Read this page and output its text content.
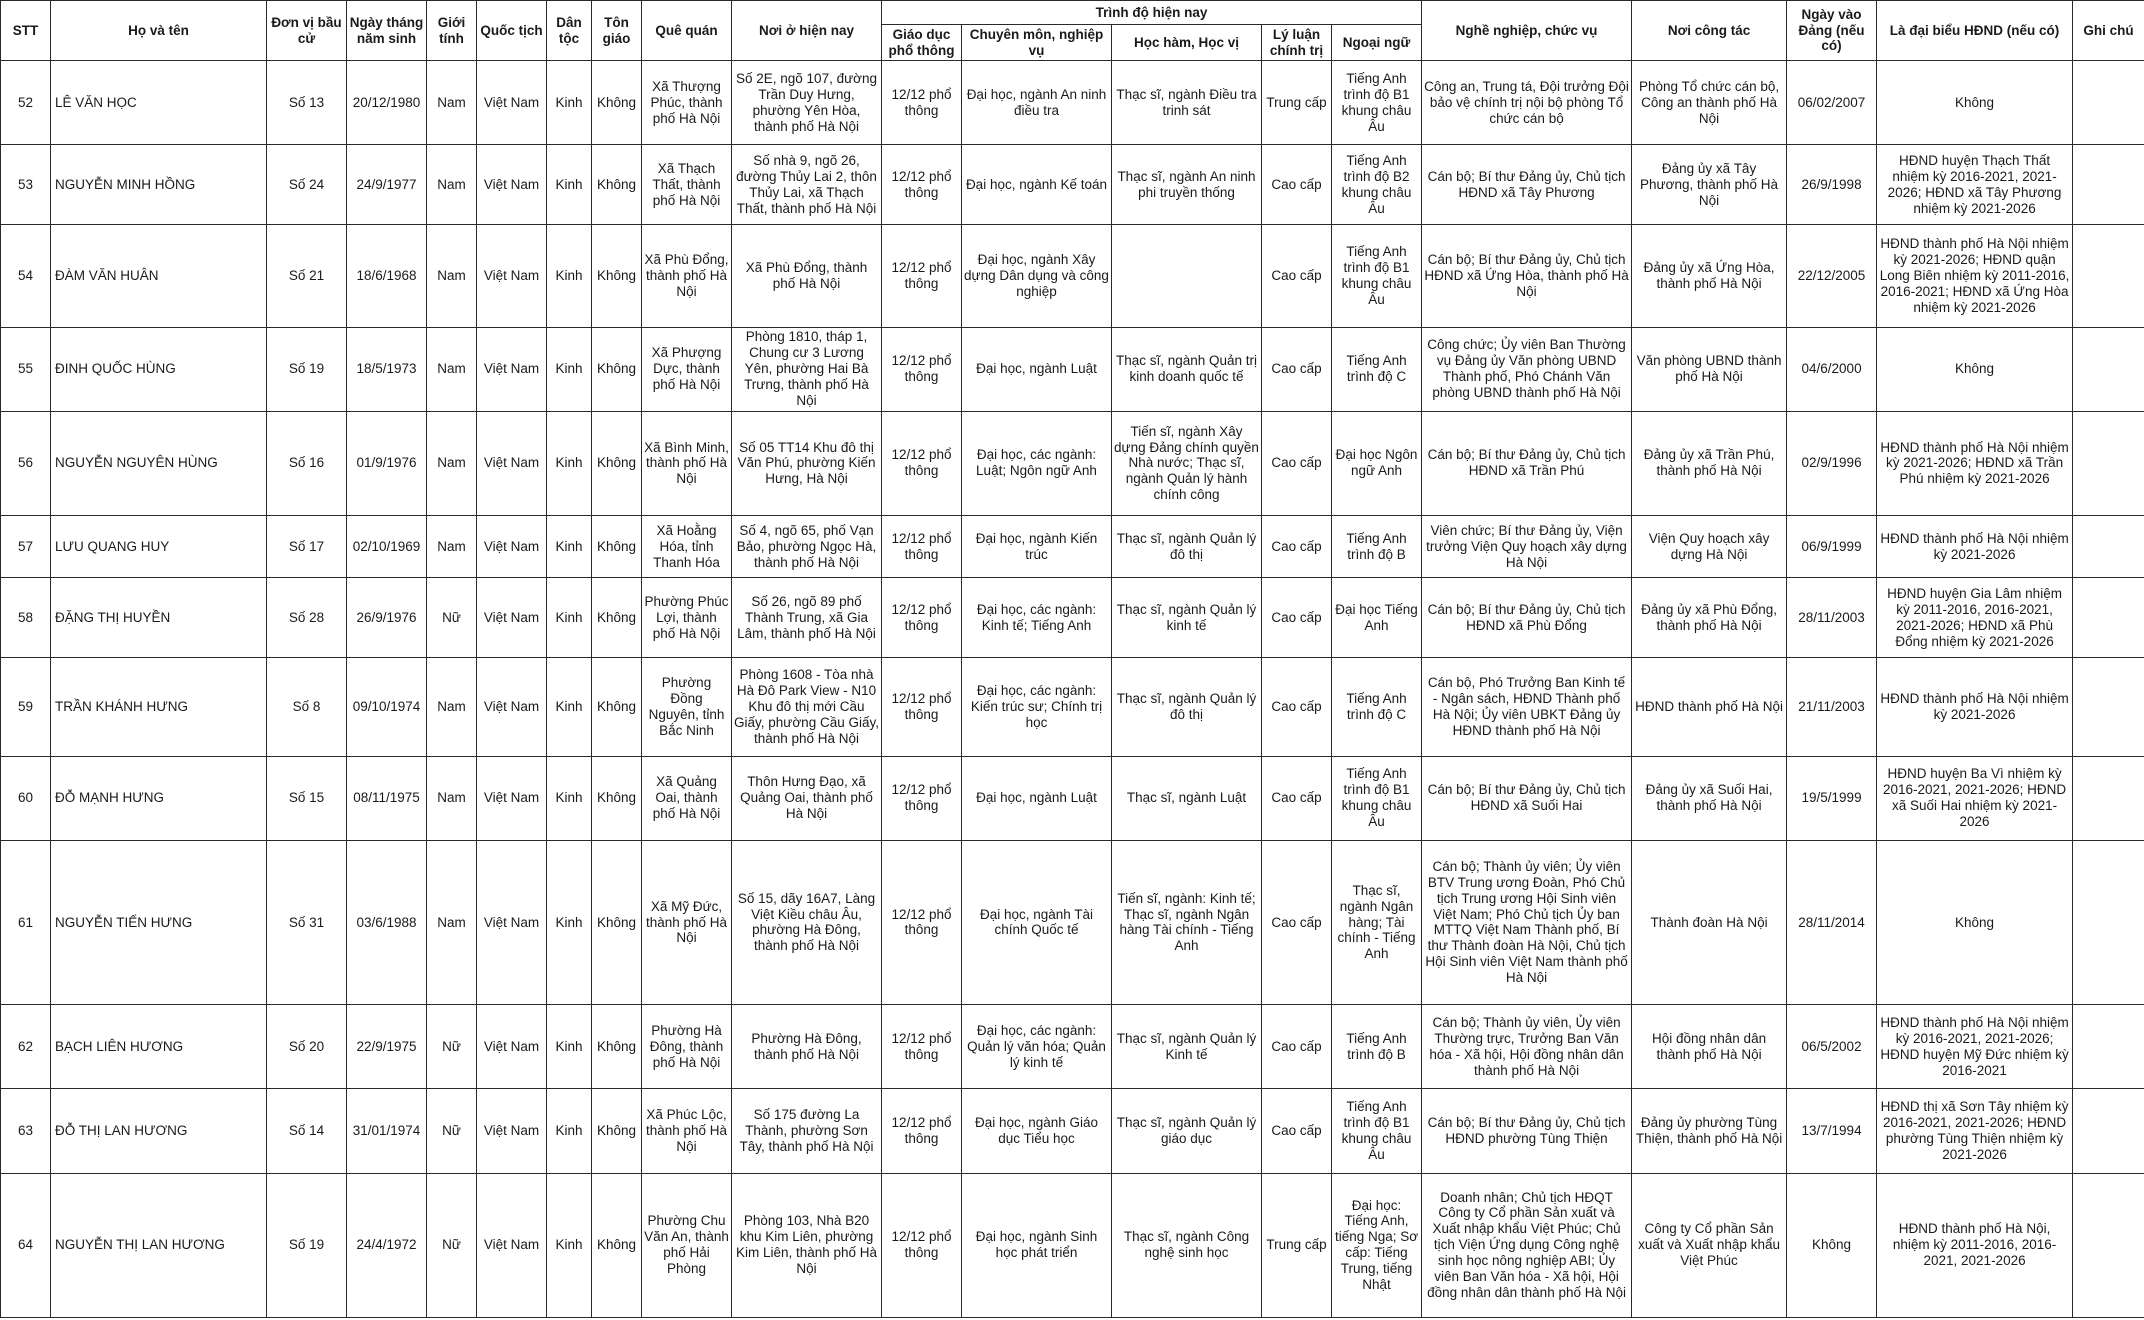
STT	Họ và tên	Đơn vị bầu cử	Ngày tháng năm sinh	Giới tính	Quốc tịch	Dân tộc	Tôn giáo	Quê quán	Nơi ở hiện nay	Trình độ hiện nay					Nghề nghiệp, chức vụ	Nơi công tác	Ngày vào Đảng (nếu có)	Là đại biểu HĐND (nếu có)	Ghi chú
										Giáo dục phổ thông	Chuyên môn, nghiệp vụ	Học hàm, Học vị	Lý luận chính trị	Ngoại ngữ					
52	LÊ VĂN HỌC	Số 13	20/12/1980	Nam	Việt Nam	Kinh	Không	Xã Thượng Phúc, thành phố Hà Nội	Số 2E, ngõ 107, đường Trần Duy Hưng, phường Yên Hòa, thành phố Hà Nội	12/12 phổ thông	Đại học, ngành An ninh điều tra	Thạc sĩ, ngành Điều tra trinh sát	Trung cấp	Tiếng Anh trình độ B1 khung châu Âu	Công an, Trung tá, Đội trưởng Đội bảo vệ chính trị nội bộ phòng Tổ chức cán bộ	Phòng Tổ chức cán bộ, Công an thành phố Hà Nội	06/02/2007	Không	
53	NGUYỄN MINH HỒNG	Số 24	24/9/1977	Nam	Việt Nam	Kinh	Không	Xã Thạch Thất, thành phố Hà Nội	Số nhà 9, ngõ 26, đường Thủy Lai 2, thôn Thủy Lai, xã Thạch Thất, thành phố Hà Nội	12/12 phổ thông	Đại học, ngành Kế toán	Thạc sĩ, ngành An ninh phi truyền thống	Cao cấp	Tiếng Anh trình độ B2 khung châu Âu	Cán bộ; Bí thư Đảng ủy, Chủ tịch HĐND xã Tây Phương	Đảng ủy xã Tây Phương, thành phố Hà Nội	26/9/1998	HĐND huyện Thạch Thất nhiệm kỳ 2016-2021, 2021-2026; HĐND xã Tây Phương nhiệm kỳ 2021-2026	
54	ĐÀM VĂN HUÂN	Số 21	18/6/1968	Nam	Việt Nam	Kinh	Không	Xã Phù Đổng, thành phố Hà Nội	Xã Phù Đổng, thành phố Hà Nội	12/12 phổ thông	Đại học, ngành Xây dựng Dân dụng và công nghiệp		Cao cấp	Tiếng Anh trình độ B1 khung châu Âu	Cán bộ; Bí thư Đảng ủy, Chủ tịch HĐND xã Ứng Hòa, thành phố Hà Nội	Đảng ủy xã Ứng Hòa, thành phố Hà Nội	22/12/2005	HĐND thành phố Hà Nội nhiệm kỳ 2021-2026; HĐND quận Long Biên nhiệm kỳ 2011-2016, 2016-2021; HĐND xã Ứng Hòa nhiệm kỳ 2021-2026	
55	ĐINH QUỐC HÙNG	Số 19	18/5/1973	Nam	Việt Nam	Kinh	Không	Xã Phượng Dực, thành phố Hà Nội	Phòng 1810, tháp 1, Chung cư 3 Lương Yên, phường Hai Bà Trưng, thành phố Hà Nội	12/12 phổ thông	Đại học, ngành Luật	Thạc sĩ, ngành Quản trị kinh doanh quốc tế	Cao cấp	Tiếng Anh trình độ C	Công chức; Ủy viên Ban Thường vụ Đảng ủy Văn phòng UBND Thành phố, Phó Chánh Văn phòng UBND thành phố Hà Nội	Văn phòng UBND thành phố Hà Nội	04/6/2000	Không	
56	NGUYỄN NGUYÊN HÙNG	Số 16	01/9/1976	Nam	Việt Nam	Kinh	Không	Xã Bình Minh, thành phố Hà Nội	Số 05 TT14 Khu đô thị Văn Phú, phường Kiến Hưng, Hà Nội	12/12 phổ thông	Đại học, các ngành: Luật; Ngôn ngữ Anh	Tiến sĩ, ngành Xây dựng Đảng chính quyền Nhà nước; Thạc sĩ, ngành Quản lý hành chính công	Cao cấp	Đại học Ngôn ngữ Anh	Cán bộ; Bí thư Đảng ủy, Chủ tịch HĐND xã Trần Phú	Đảng ủy xã Trần Phú, thành phố Hà Nội	02/9/1996	HĐND thành phố Hà Nội nhiệm kỳ 2021-2026; HĐND xã Trần Phú nhiệm kỳ 2021-2026	
57	LƯU QUANG HUY	Số 17	02/10/1969	Nam	Việt Nam	Kinh	Không	Xã Hoằng Hóa, tỉnh Thanh Hóa	Số 4, ngõ 65, phố Vạn Bảo, phường Ngọc Hà, thành phố Hà Nội	12/12 phổ thông	Đại học, ngành Kiến trúc	Thạc sĩ, ngành Quản lý đô thị	Cao cấp	Tiếng Anh trình độ B	Viên chức; Bí thư Đảng ủy, Viện trưởng Viện Quy hoạch xây dựng Hà Nội	Viện Quy hoạch xây dựng Hà Nội	06/9/1999	HĐND thành phố Hà Nội nhiệm kỳ 2021-2026	
58	ĐẶNG THỊ HUYỀN	Số 28	26/9/1976	Nữ	Việt Nam	Kinh	Không	Phường Phúc Lợi, thành phố Hà Nội	Số 26, ngõ 89 phố Thành Trung, xã Gia Lâm, thành phố Hà Nội	12/12 phổ thông	Đại học, các ngành: Kinh tế; Tiếng Anh	Thạc sĩ, ngành Quản lý kinh tế	Cao cấp	Đại học Tiếng Anh	Cán bộ; Bí thư Đảng ủy, Chủ tịch HĐND xã Phù Đổng	Đảng ủy xã Phù Đổng, thành phố Hà Nội	28/11/2003	HĐND huyện Gia Lâm nhiệm kỳ 2011-2016, 2016-2021, 2021-2026; HĐND xã Phù Đổng nhiệm kỳ 2021-2026	
59	TRẦN KHÁNH HƯNG	Số 8	09/10/1974	Nam	Việt Nam	Kinh	Không	Phường Đồng Nguyên, tỉnh Bắc Ninh	Phòng 1608 - Tòa nhà Hà Đô Park View - N10 Khu đô thị mới Cầu Giấy, phường Cầu Giấy, thành phố Hà Nội	12/12 phổ thông	Đại học, các ngành: Kiến trúc sư; Chính trị học	Thạc sĩ, ngành Quản lý đô thị	Cao cấp	Tiếng Anh trình độ C	Cán bộ, Phó Trưởng Ban Kinh tế - Ngân sách, HĐND Thành phố Hà Nội; Ủy viên UBKT Đảng ủy HĐND thành phố Hà Nội	HĐND thành phố Hà Nội	21/11/2003	HĐND thành phố Hà Nội nhiệm kỳ 2021-2026	
60	ĐỖ MẠNH HƯNG	Số 15	08/11/1975	Nam	Việt Nam	Kinh	Không	Xã Quảng Oai, thành phố Hà Nội	Thôn Hưng Đạo, xã Quảng Oai, thành phố Hà Nội	12/12 phổ thông	Đại học, ngành Luật	Thạc sĩ, ngành Luật	Cao cấp	Tiếng Anh trình độ B1 khung châu Âu	Cán bộ; Bí thư Đảng ủy, Chủ tịch HĐND xã Suối Hai	Đảng ủy xã Suối Hai, thành phố Hà Nội	19/5/1999	HĐND huyện Ba Vì nhiệm kỳ 2016-2021, 2021-2026; HĐND xã Suối Hai nhiệm kỳ 2021-2026	
61	NGUYỄN TIẾN HƯNG	Số 31	03/6/1988	Nam	Việt Nam	Kinh	Không	Xã Mỹ Đức, thành phố Hà Nội	Số 15, dãy 16A7, Làng Việt Kiều châu Âu, phường Hà Đông, thành phố Hà Nội	12/12 phổ thông	Đại học, ngành Tài chính Quốc tế	Tiến sĩ, ngành: Kinh tế; Thạc sĩ, ngành Ngân hàng Tài chính - Tiếng Anh	Cao cấp	Thạc sĩ, ngành Ngân hàng; Tài chính - Tiếng Anh	Cán bộ; Thành ủy viên; Ủy viên BTV Trung ương Đoàn, Phó Chủ tịch Trung ương Hội Sinh viên Việt Nam; Phó Chủ tịch Ủy ban MTTQ Việt Nam Thành phố, Bí thư Thành đoàn Hà Nội, Chủ tịch Hội Sinh viên Việt Nam thành phố Hà Nội	Thành đoàn Hà Nội	28/11/2014	Không	
62	BẠCH LIÊN HƯƠNG	Số 20	22/9/1975	Nữ	Việt Nam	Kinh	Không	Phường Hà Đông, thành phố Hà Nội	Phường Hà Đông, thành phố Hà Nội	12/12 phổ thông	Đại học, các ngành: Quản lý văn hóa; Quản lý kinh tế	Thạc sĩ, ngành Quản lý Kinh tế	Cao cấp	Tiếng Anh trình độ B	Cán bộ; Thành ủy viên, Ủy viên Thường trực, Trưởng Ban Văn hóa - Xã hội, Hội đồng nhân dân thành phố Hà Nội	Hội đồng nhân dân thành phố Hà Nội	06/5/2002	HĐND thành phố Hà Nội nhiệm kỳ 2016-2021, 2021-2026; HĐND huyện Mỹ Đức nhiệm kỳ 2016-2021	
63	ĐỖ THỊ LAN HƯƠNG	Số 14	31/01/1974	Nữ	Việt Nam	Kinh	Không	Xã Phúc Lộc, thành phố Hà Nội	Số 175 đường La Thành, phường Sơn Tây, thành phố Hà Nội	12/12 phổ thông	Đại học, ngành Giáo dục Tiểu học	Thạc sĩ, ngành Quản lý giáo dục	Cao cấp	Tiếng Anh trình độ B1 khung châu Âu	Cán bộ; Bí thư Đảng ủy, Chủ tịch HĐND phường Tùng Thiện	Đảng ủy phường Tùng Thiện, thành phố Hà Nội	13/7/1994	HĐND thị xã Sơn Tây nhiệm kỳ 2016-2021, 2021-2026; HĐND phường Tùng Thiện nhiệm kỳ 2021-2026	
64	NGUYỄN THỊ LAN HƯƠNG	Số 19	24/4/1972	Nữ	Việt Nam	Kinh	Không	Phường Chu Văn An, thành phố Hải Phòng	Phòng 103, Nhà B20 khu Kim Liên, phường Kim Liên, thành phố Hà Nội	12/12 phổ thông	Đại học, ngành Sinh học phát triển	Thạc sĩ, ngành Công nghệ sinh học	Trung cấp	Đại học: Tiếng Anh, tiếng Nga; Sơ cấp: Tiếng Trung, tiếng Nhật	Doanh nhân; Chủ tịch HĐQT Công ty Cổ phần Sản xuất và Xuất nhập khẩu Việt Phúc; Chủ tịch Viện Ứng dụng Công nghệ sinh học nông nghiệp ABI; Ủy viên Ban Văn hóa - Xã hội, Hội đồng nhân dân thành phố Hà Nội	Công ty Cổ phần Sản xuất và Xuất nhập khẩu Việt Phúc	Không	HĐND thành phố Hà Nội, nhiệm kỳ 2011-2016, 2016-2021, 2021-2026	
